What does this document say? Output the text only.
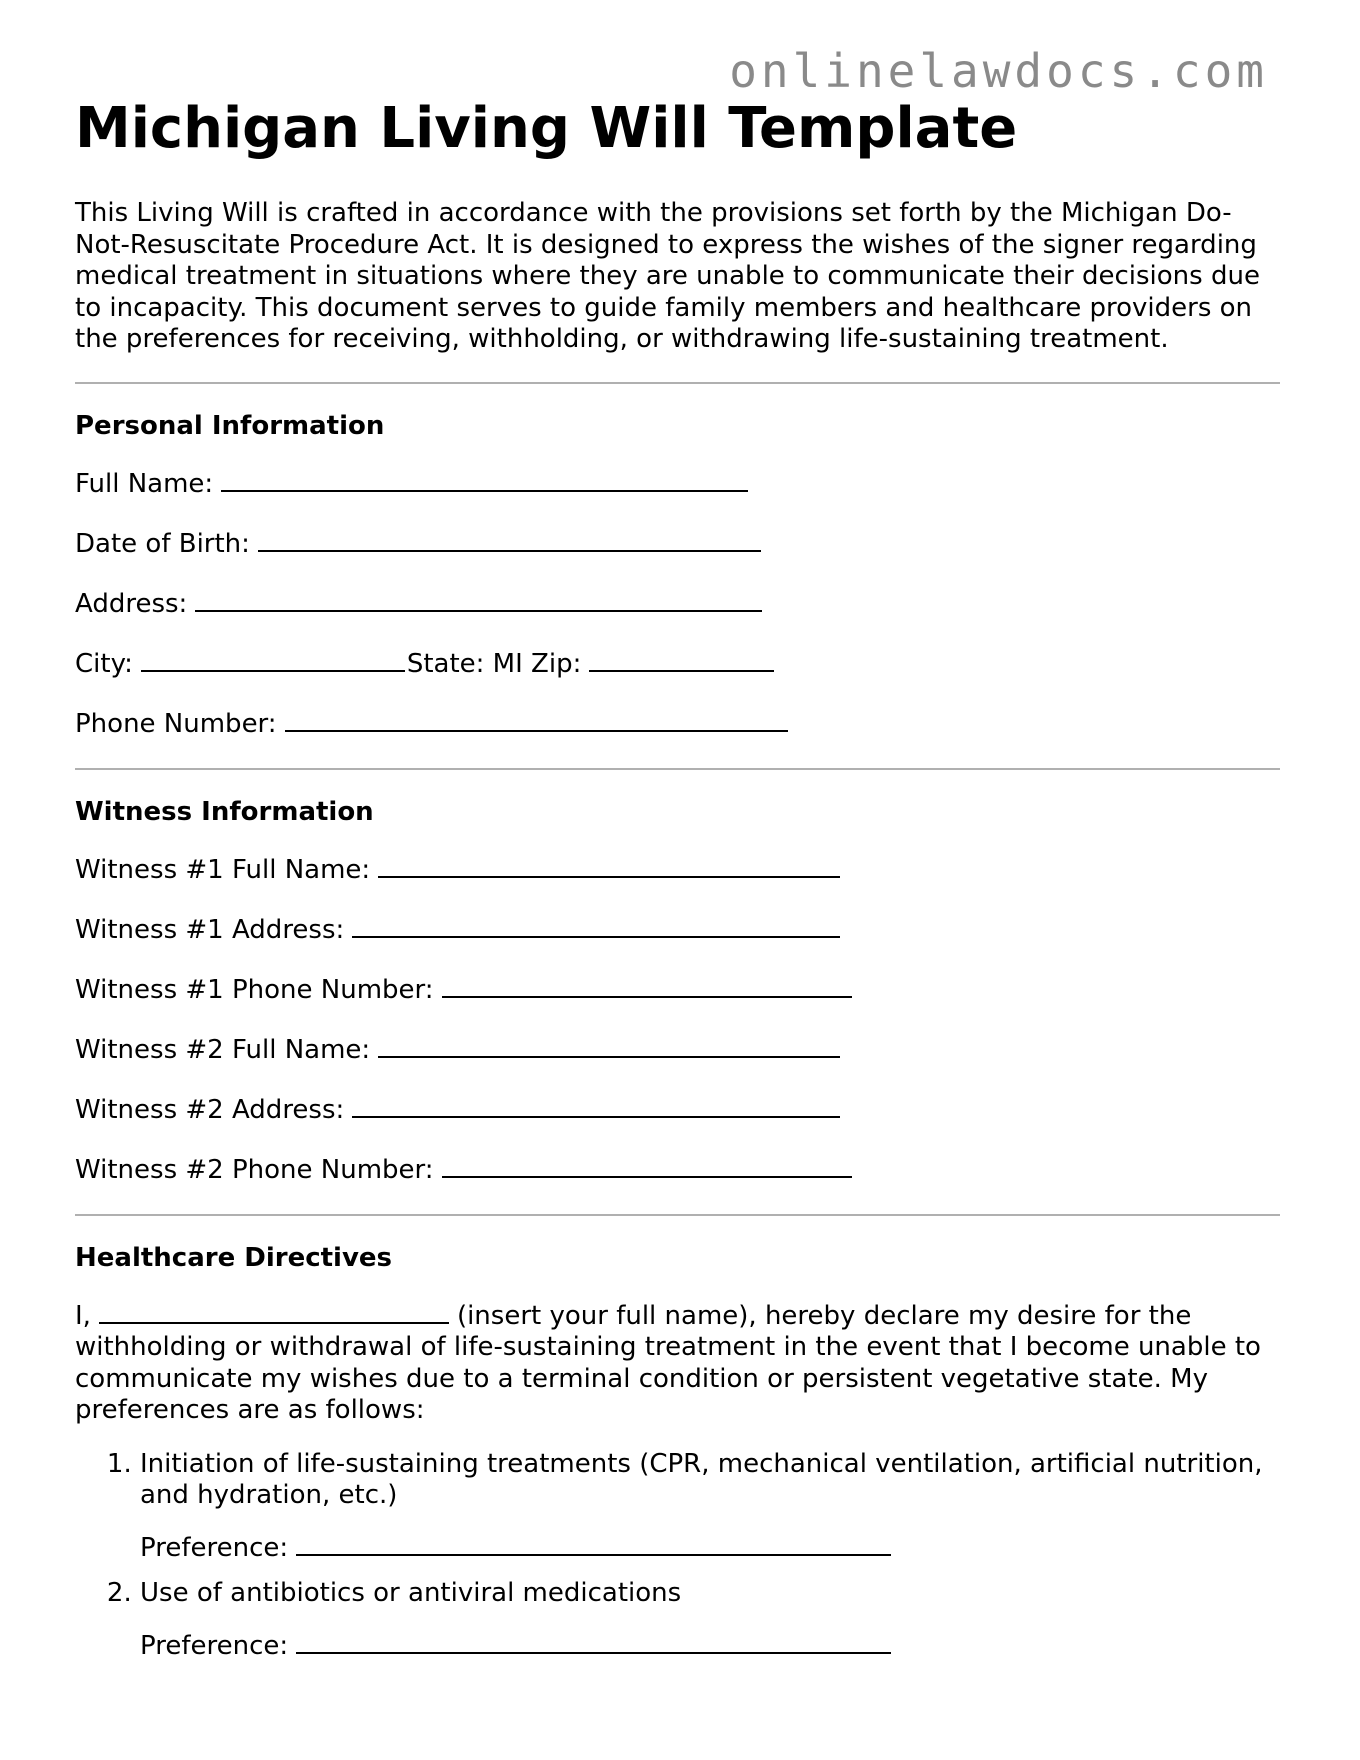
onlinelawdocs.com
Michigan Living Will Template

This Living Will is crafted in accordance with the provisions set forth by the Michigan Do-Not-Resuscitate Procedure Act. It is designed to express the wishes of the signer regarding medical treatment in situations where they are unable to communicate their decisions due to incapacity. This document serves to guide family members and healthcare providers on the preferences for receiving, withholding, or withdrawing life-sustaining treatment.

Personal Information
Full Name:
Date of Birth:
Address:
City:	State: MI Zip:
Phone Number:
Witness Information
Witness #1 Full Name:
Witness #1 Address:
Witness #1 Phone Number:
Witness #2 Full Name:
Witness #2 Address:
Witness #2 Phone Number:
Healthcare Directives

I,	(insert your full name), hereby declare my desire for the withholding or withdrawal of life-sustaining treatment in the event that I become unable to communicate my wishes due to a terminal condition or persistent vegetative state. My preferences are as follows:

1. Initiation of life-sustaining treatments (CPR, mechanical ventilation, artificial nutrition, and hydration, etc.)
Preference:
2. Use of antibiotics or antiviral medications
Preference:
